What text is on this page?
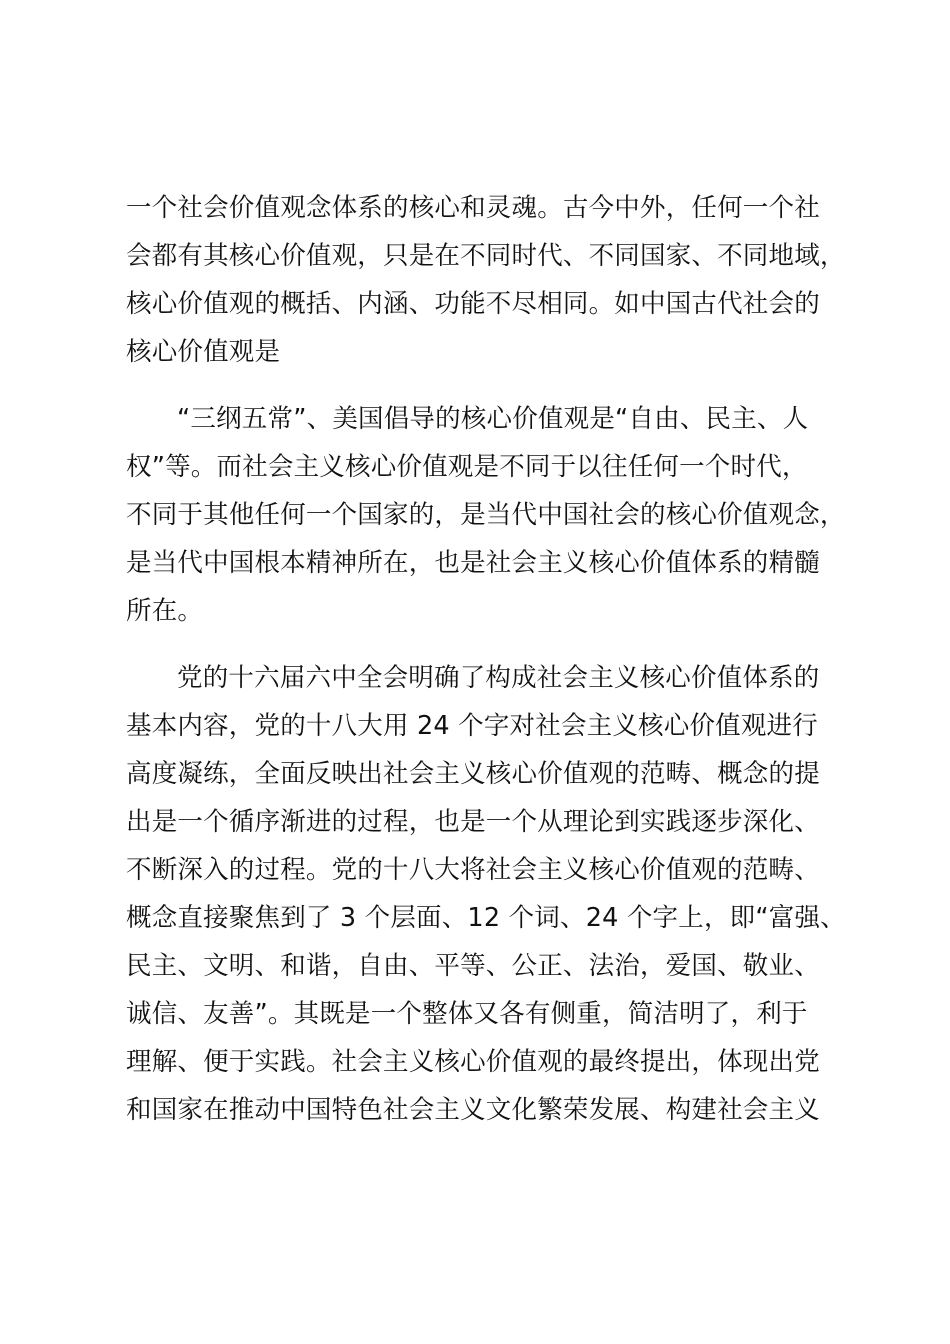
一个社会价值观念体系的核心和灵魂。古今中外，任何一个社
会都有其核心价值观，只是在不同时代、不同国家、不同地域，
核心价值观的概括、内涵、功能不尽相同。如中国古代社会的
核心价值观是
“三纲五常”、美国倡导的核心价值观是“自由、民主、人
权”等。而社会主义核心价值观是不同于以往任何一个时代，
不同于其他任何一个国家的，是当代中国社会的核心价值观念，
是当代中国根本精神所在，也是社会主义核心价值体系的精髓
所在。
党的十六届六中全会明确了构成社会主义核心价值体系的
基本内容，党的十八大用 24 个字对社会主义核心价值观进行
高度凝练，全面反映出社会主义核心价值观的范畴、概念的提
出是一个循序渐进的过程，也是一个从理论到实践逐步深化、
不断深入的过程。党的十八大将社会主义核心价值观的范畴、
概念直接聚焦到了 3 个层面、12 个词、24 个字上，即“富强、
民主、文明、和谐，自由、平等、公正、法治，爱国、敬业、
诚信、友善”。其既是一个整体又各有侧重，简洁明了，利于
理解、便于实践。社会主义核心价值观的最终提出，体现出党
和国家在推动中国特色社会主义文化繁荣发展、构建社会主义
